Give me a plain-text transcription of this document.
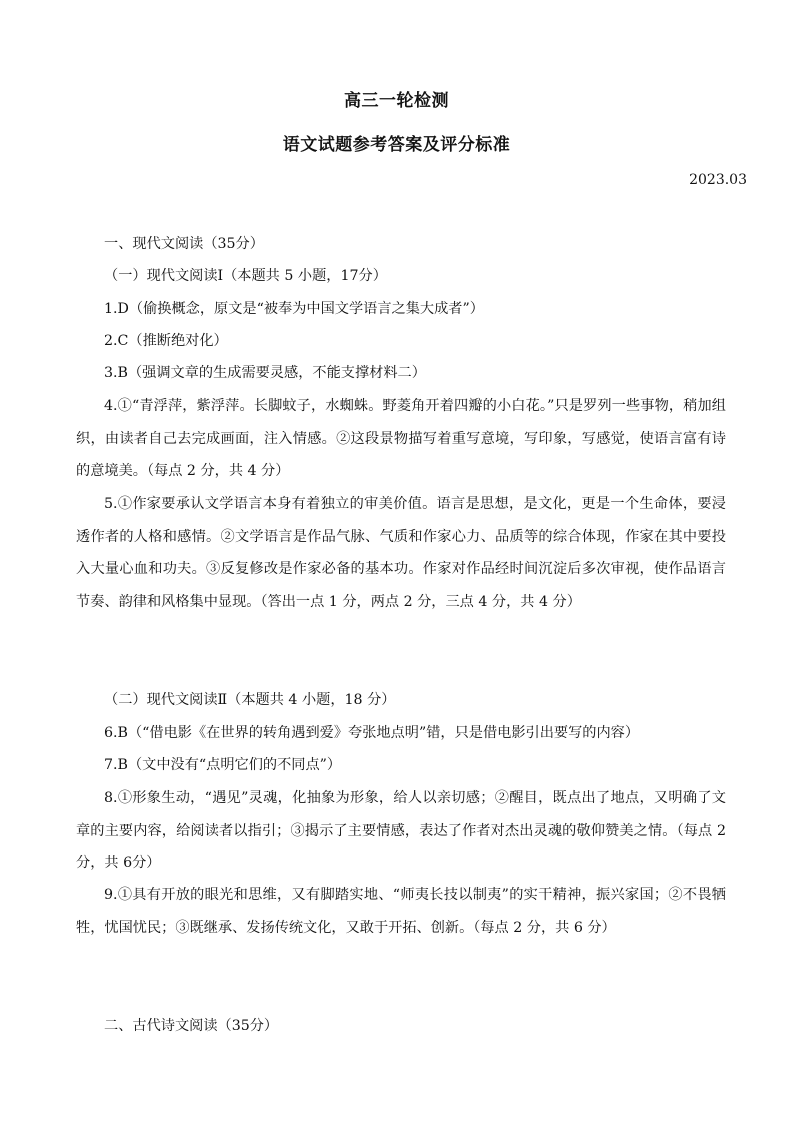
高三一轮检测
语文试题参考答案及评分标准
2023.03

一、现代文阅读（35分）

（一）现代文阅读Ⅰ（本题共 5 小题，17分）

1.D（偷换概念，原文是“被奉为中国文学语言之集大成者”）

2.C（推断绝对化）

3.B（强调文章的生成需要灵感，不能支撑材料二）

4.①“青浮萍，紫浮萍。长脚蚊子，水蜘蛛。野菱角开着四瓣的小白花。”只是罗列一些事物，稍加组织，由读者自己去完成画面，注入情感。②这段景物描写着重写意境，写印象，写感觉，使语言富有诗的意境美。（每点 2 分，共 4 分）

5.①作家要承认文学语言本身有着独立的审美价值。语言是思想，是文化，更是一个生命体，要浸透作者的人格和感情。②文学语言是作品气脉、气质和作家心力、品质等的综合体现，作家在其中要投入大量心血和功夫。③反复修改是作家必备的基本功。作家对作品经时间沉淀后多次审视，使作品语言节奏、韵律和风格集中显现。（答出一点 1 分，两点 2 分，三点 4 分，共 4 分）

（二）现代文阅读Ⅱ（本题共 4 小题，18 分）

6.B（“借电影《在世界的转角遇到爱》夸张地点明”错，只是借电影引出要写的内容）

7.B（文中没有“点明它们的不同点”）

8.①形象生动，“遇见”灵魂，化抽象为形象，给人以亲切感；②醒目，既点出了地点，又明确了文章的主要内容，给阅读者以指引；③揭示了主要情感，表达了作者对杰出灵魂的敬仰赞美之情。（每点 2分，共 6分）

9.①具有开放的眼光和思维，又有脚踏实地、“师夷长技以制夷”的实干精神，振兴家国；②不畏牺牲，忧国忧民；③既继承、发扬传统文化，又敢于开拓、创新。（每点 2 分，共 6 分）

二、古代诗文阅读（35分）
